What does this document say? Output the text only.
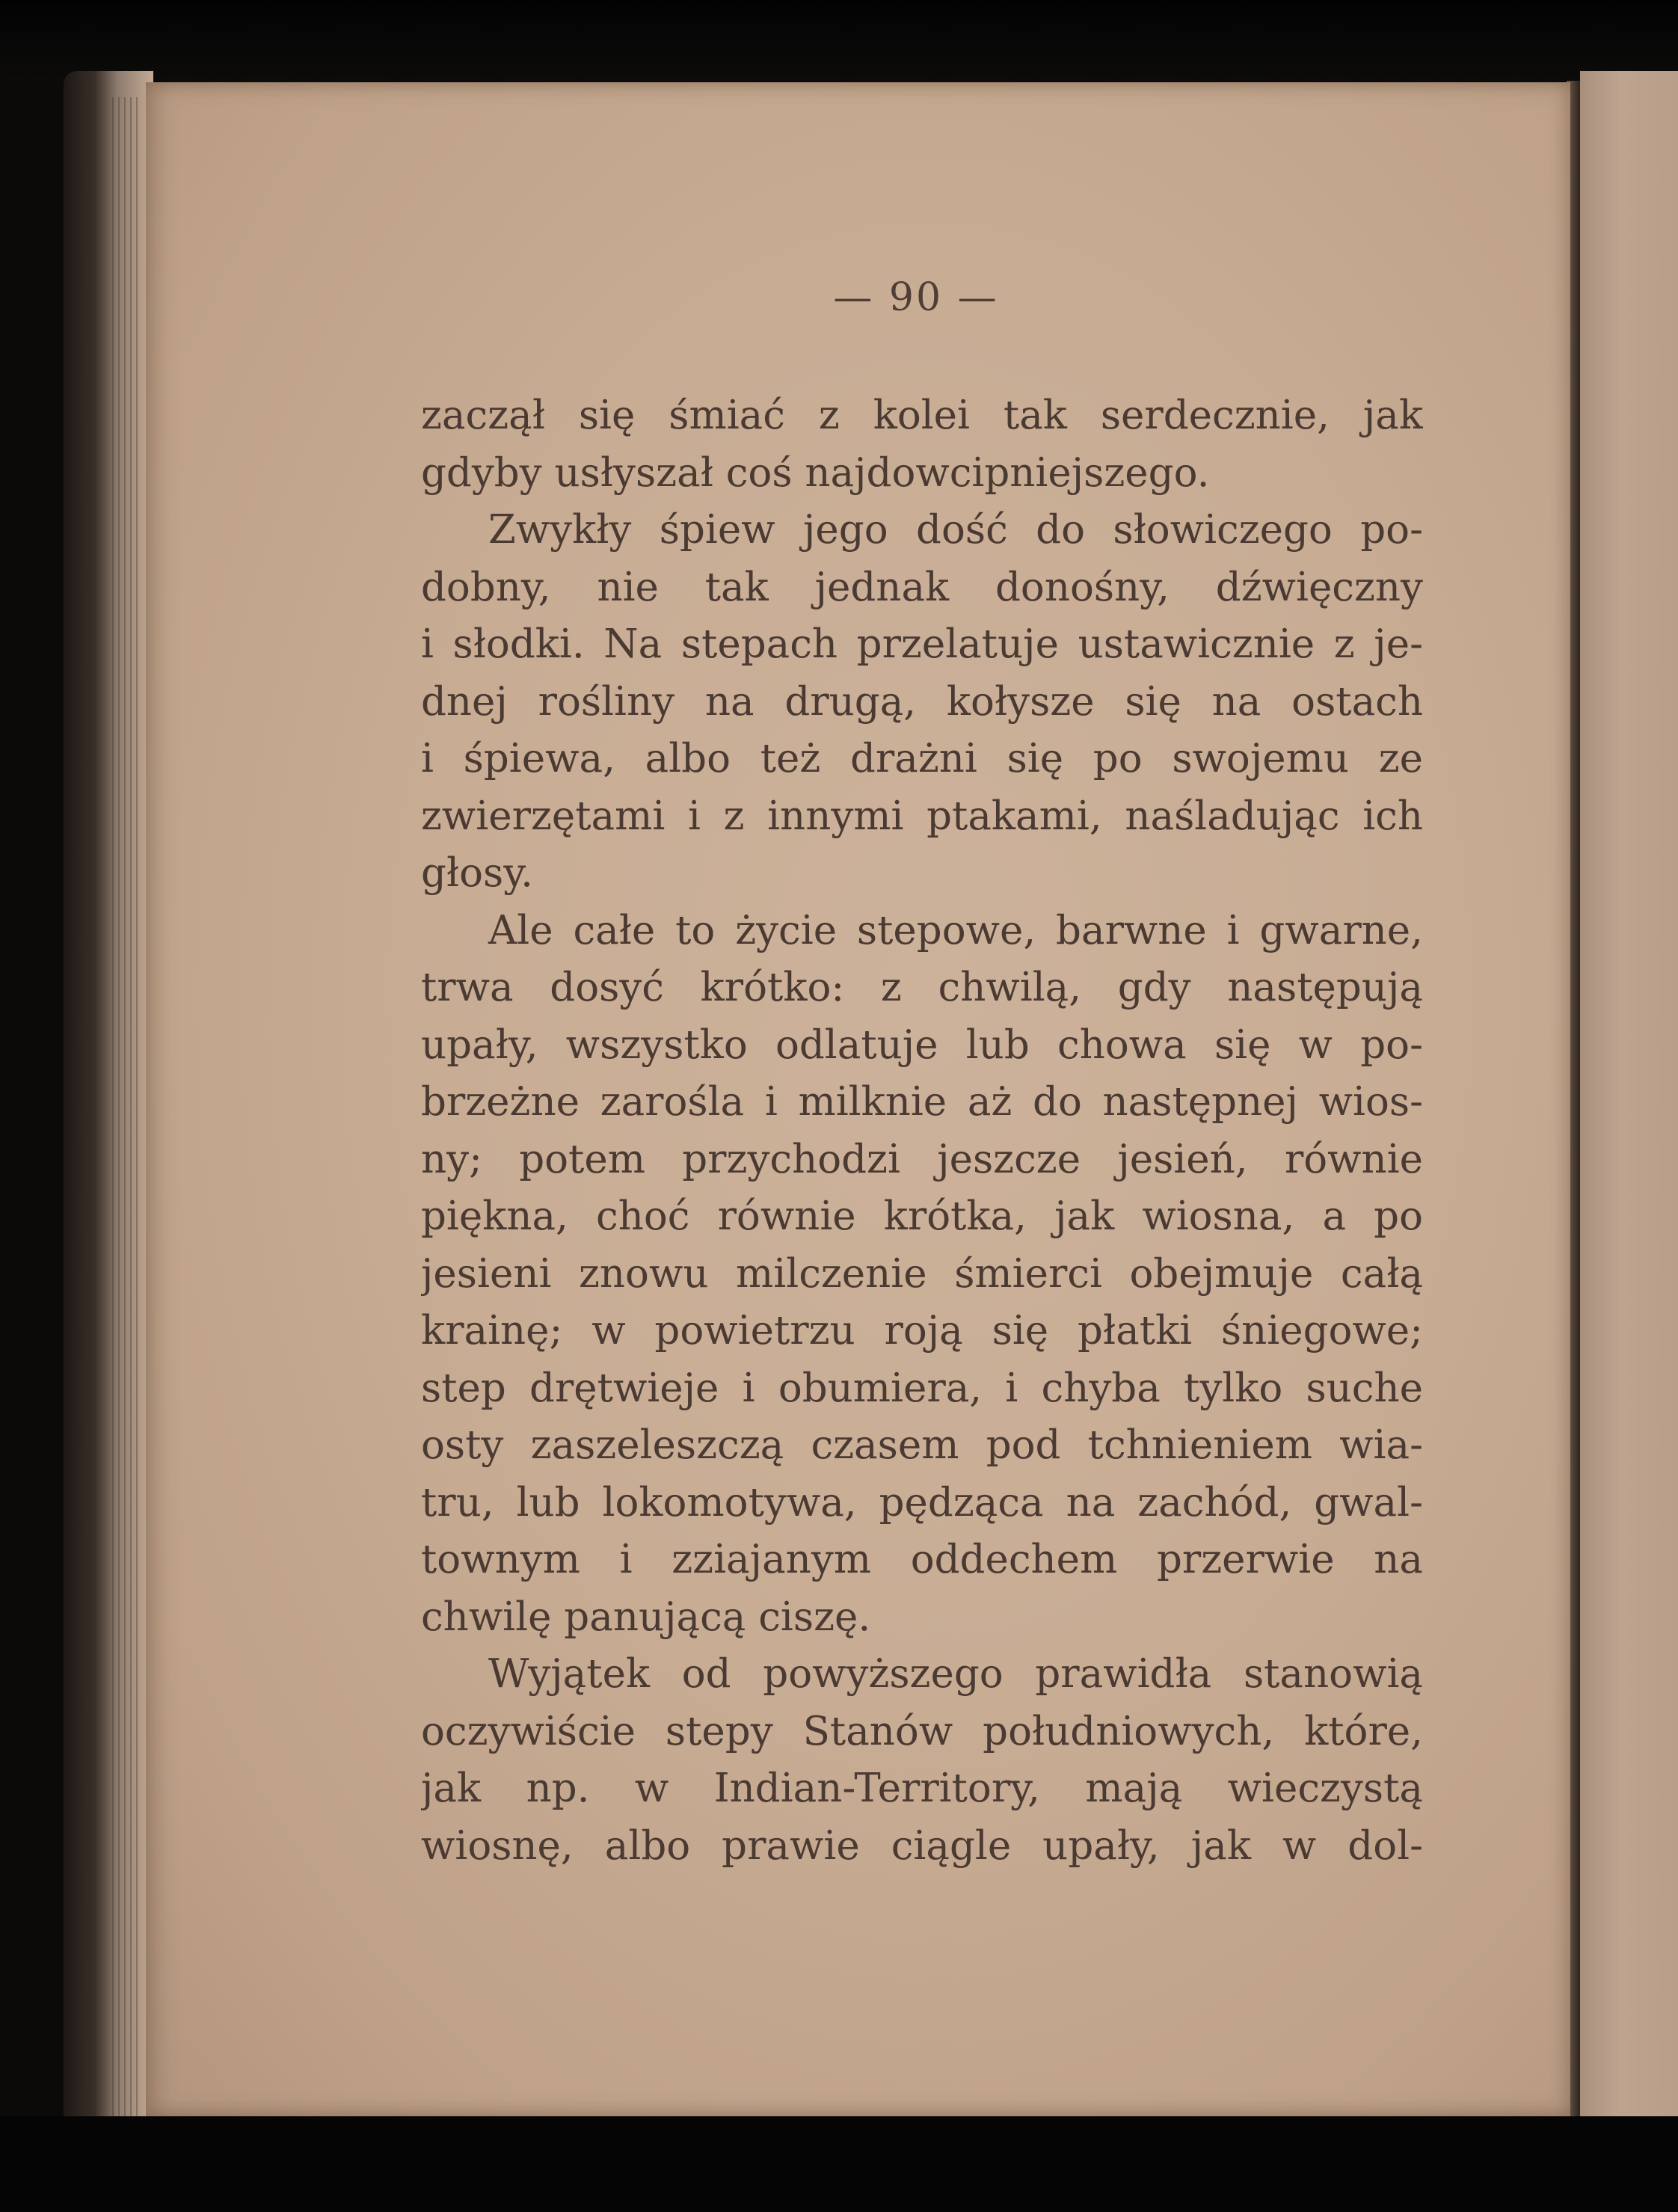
— 90 —
zaczął się śmiać z kolei tak serdecznie, jak
gdyby usłyszał coś najdowcipniejszego.
Zwykły śpiew jego dość do słowiczego po-
dobny, nie tak jednak donośny, dźwięczny
i słodki. Na stepach przelatuje ustawicznie z je-
dnej rośliny na drugą, kołysze się na ostach
i śpiewa, albo też drażni się po swojemu ze
zwierzętami i z innymi ptakami, naśladując ich
głosy.
Ale całe to życie stepowe, barwne i gwarne,
trwa dosyć krótko: z chwilą, gdy następują
upały, wszystko odlatuje lub chowa się w po-
brzeżne zarośla i milknie aż do następnej wios-
ny; potem przychodzi jeszcze jesień, równie
piękna, choć równie krótka, jak wiosna, a po
jesieni znowu milczenie śmierci obejmuje całą
krainę; w powietrzu roją się płatki śniegowe;
step drętwieje i obumiera, i chyba tylko suche
osty zaszeleszczą czasem pod tchnieniem wia-
tru, lub lokomotywa, pędząca na zachód, gwal-
townym i zziajanym oddechem przerwie na
chwilę panującą ciszę.
Wyjątek od powyższego prawidła stanowią
oczywiście stepy Stanów południowych, które,
jak np. w Indian-Territory, mają wieczystą
wiosnę, albo prawie ciągle upały, jak w dol-
